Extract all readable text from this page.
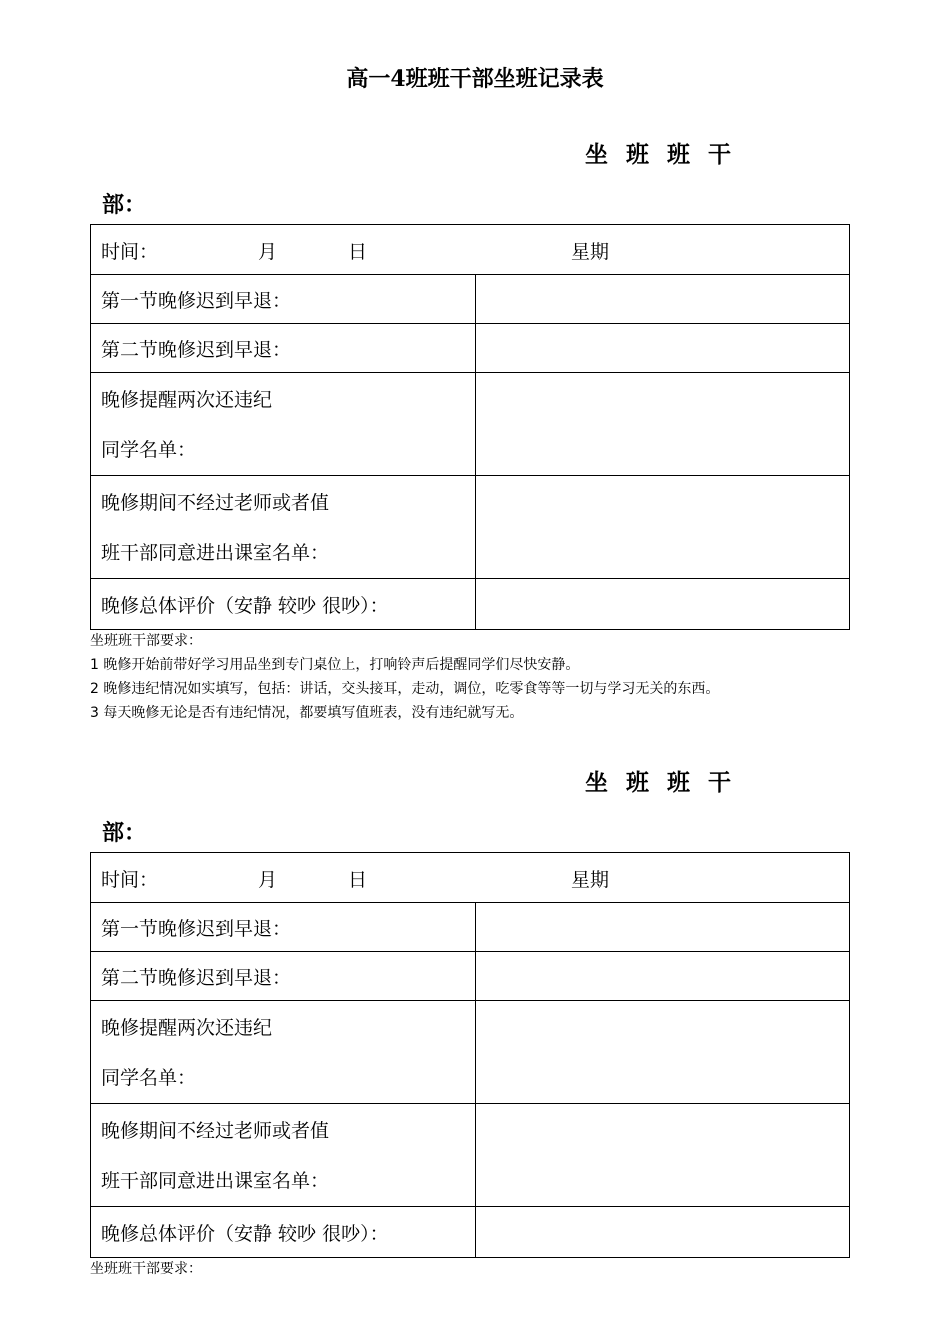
高一4班班干部坐班记录表
坐 班 班 干
部：
时间： 月 日 星期	

第一节晚修迟到早退：	
第二节晚修迟到早退：	

晚修提醒两次还违纪
同学名单：	

晚修期间不经过老师或者值
班干部同意进出课室名单：	

晚修总体评价（安静 较吵 很吵）：	
坐班班干部要求：
1 晚修开始前带好学习用品坐到专门桌位上，打响铃声后提醒同学们尽快安静。
2 晚修违纪情况如实填写，包括：讲话，交头接耳，走动，调位，吃零食等等一切与学习无关的东西。
3 每天晚修无论是否有违纪情况，都要填写值班表，没有违纪就写无。
坐 班 班 干
部：
时间： 月 日 星期	

第一节晚修迟到早退：	
第二节晚修迟到早退：	

晚修提醒两次还违纪
同学名单：	

晚修期间不经过老师或者值
班干部同意进出课室名单：	

晚修总体评价（安静 较吵 很吵）：	
坐班班干部要求：
